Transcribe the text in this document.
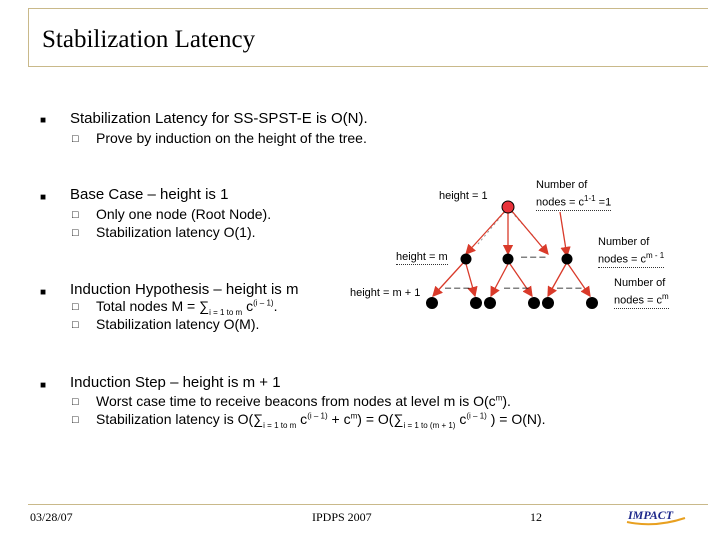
Stabilization Latency
■ Stabilization Latency for SS-SPST-E is O(N).
□ Prove by induction on the height of the tree.
■ Base Case – height is 1
□ Only one node (Root Node).
□ Stabilization latency O(1).
■ Induction Hypothesis – height is m
□ Total nodes $M = \sum_{i = 1 to m}$ $c^{(i - 1)}$.
□ Stabilization latency O(M).
■ Induction Step – height is m + 1
□ Worst case time to receive beacons from nodes at level m is $O(c^m)$.
□ Stabilization latency is $O(\sum_{i = 1 to m}$ $c^{(i - 1)} + c^m) = O(\sum_{i = 1 to (m + 1)}$ $c^{(i - 1)}$ ) = O(N).
height = 1
Number of
nodes = $c^{1-1} =1$
height = m	– – –
Number of
nodes = $c^{m - 1}$
height = m + 1 – – –	– – –	– – –	Number of
nodes = $c^m$
03/28/07	IPDPS 2007	12	IMPACT
